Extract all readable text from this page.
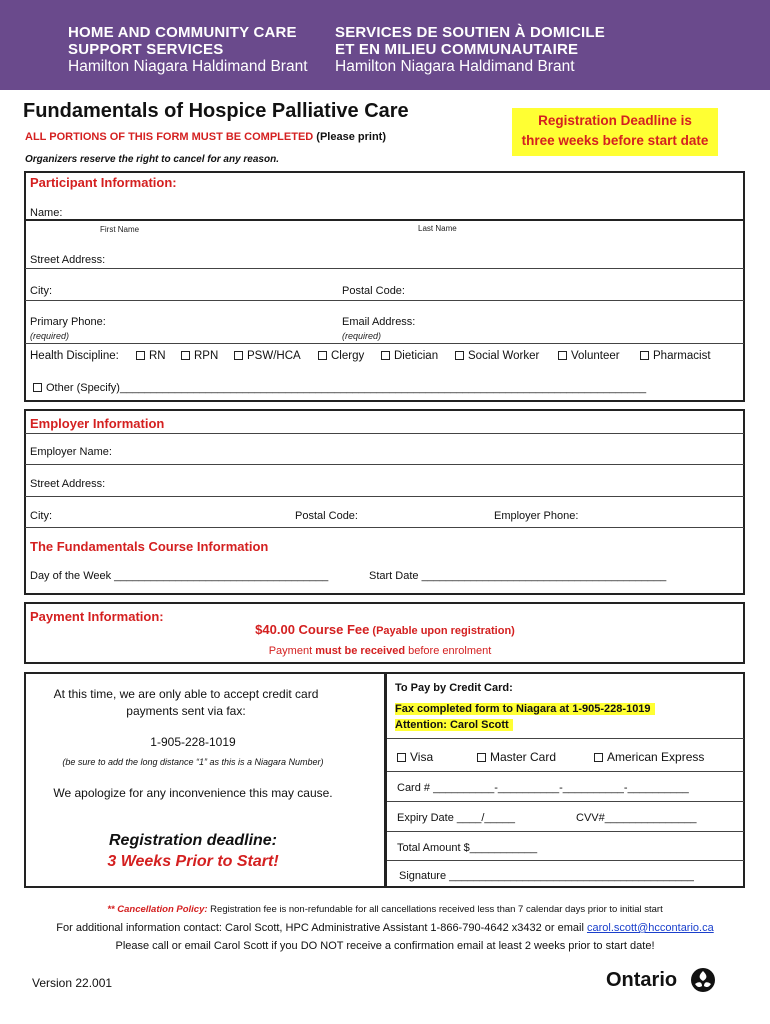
HOME AND COMMUNITY CARE
SUPPORT SERVICES
Hamilton Niagara Haldimand Brant
SERVICES DE SOUTIEN À DOMICILE
ET EN MILIEU COMMUNAUTAIRE
Hamilton Niagara Haldimand Brant
Fundamentals of Hospice Palliative Care
ALL PORTIONS OF THIS FORM MUST BE COMPLETED (Please print)
Organizers reserve the right to cancel for any reason.
Registration Deadline is
three weeks before start date
Participant Information:
Name:
First Name	Last Name
Street Address:
City:	Postal Code:
Primary Phone:
(required)
Email Address:
(required)
Health Discipline:	RN	RPN	PSW/HCA	Clergy	Dietician	Social Worker	Volunteer	Pharmacist
Other (Specify)______________________________________________________________________________________
Employer Information
Employer Name:
Street Address:
City:	Postal Code:	Employer Phone:
The Fundamentals Course Information
Day of the Week ___________________________________	Start Date ________________________________________
Payment Information:
$40.00 Course Fee (Payable upon registration)
Payment must be received before enrolment
At this time, we are only able to accept credit card
payments sent via fax:
1-905-228-1019
(be sure to add the long distance “1” as this is a Niagara Number)
We apologize for any inconvenience this may cause.
Registration deadline:
3 Weeks Prior to Start!
To Pay by Credit Card:
Fax completed form to Niagara at 1-905-228-1019
Attention: Carol Scott
Visa	Master Card	American Express
Card # __________-__________-__________-__________
Expiry Date ____/_____	CVV#_______________
Total Amount $___________
Signature ________________________________________
** Cancellation Policy: Registration fee is non-refundable for all cancellations received less than 7 calendar days prior to initial start
For additional information contact: Carol Scott, HPC Administrative Assistant 1-866-790-4642 x3432 or email carol.scott@hccontario.ca
Please call or email Carol Scott if you DO NOT receive a confirmation email at least 2 weeks prior to start date!
Version 22.001	Ontario
